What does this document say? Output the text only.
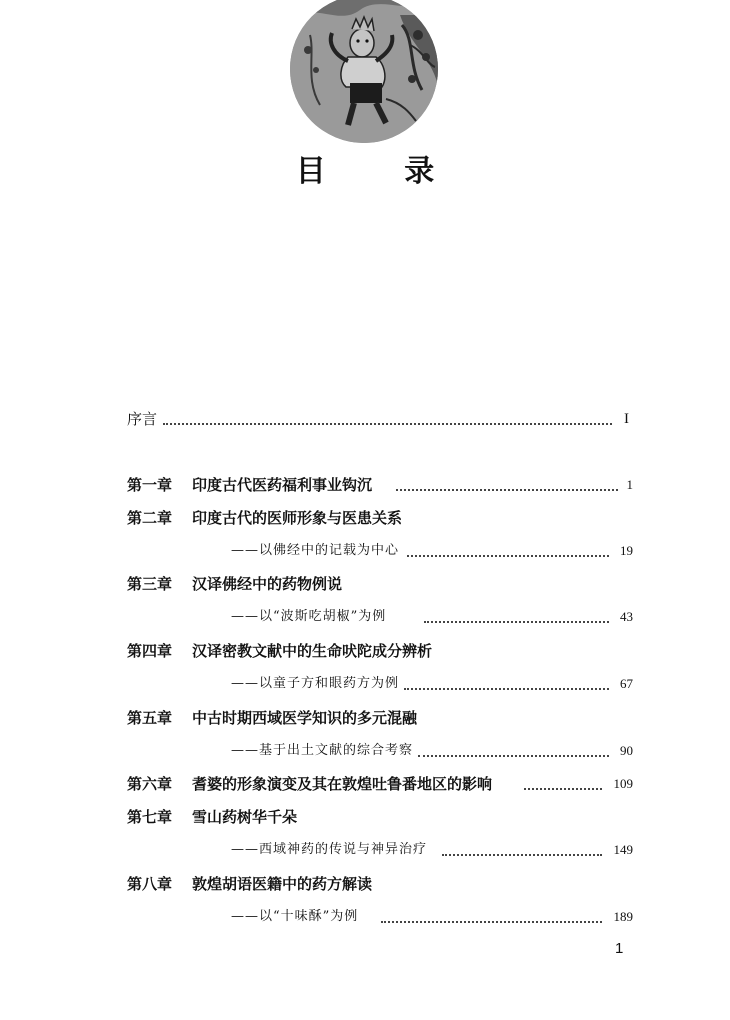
目 录
序言	I
第一章 印度古代医药福利事业钩沉	1
第二章 印度古代的医师形象与医患关系
——以佛经中的记载为中心	19
第三章 汉译佛经中的药物例说
——以“波斯吃胡椒”为例	43
第四章 汉译密教文献中的生命吠陀成分辨析
——以童子方和眼药方为例	67
第五章 中古时期西域医学知识的多元混融
——基于出土文献的综合考察	90
第六章 耆婆的形象演变及其在敦煌吐鲁番地区的影响	109
第七章 雪山药树华千朵
——西域神药的传说与神异治疗	149
第八章 敦煌胡语医籍中的药方解读
——以“十味酥”为例	189
1
